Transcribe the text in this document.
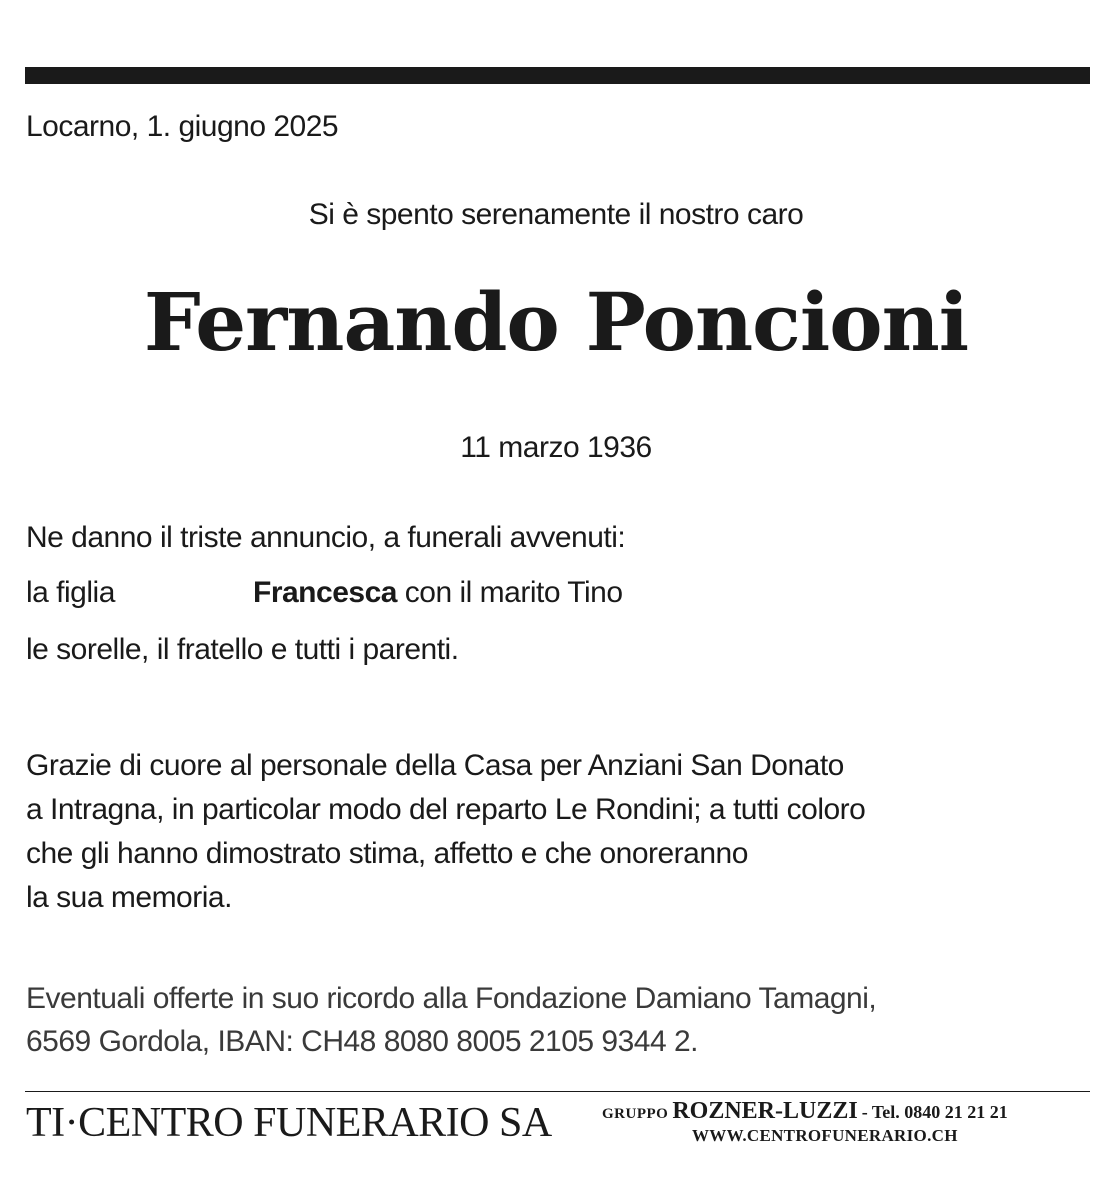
Locarno, 1. giugno 2025
Si è spento serenamente il nostro caro
Fernando Poncioni
11 marzo 1936
Ne danno il triste annuncio, a funerali avvenuti:
la figlia	Francesca con il marito Tino
le sorelle, il fratello e tutti i parenti.
Grazie di cuore al personale della Casa per Anziani San Donato
a Intragna, in particolar modo del reparto Le Rondini; a tutti coloro
che gli hanno dimostrato stima, affetto e che onoreranno
la sua memoria.
Eventuali offerte in suo ricordo alla Fondazione Damiano Tamagni,
6569 Gordola, IBAN: CH48 8080 8005 2105 9344 2.
TI·CENTRO FUNERARIO SA	GRUPPO ROZNER-LUZZI - Tel. 0840 21 21 21
WWW.CENTROFUNERARIO.CH
